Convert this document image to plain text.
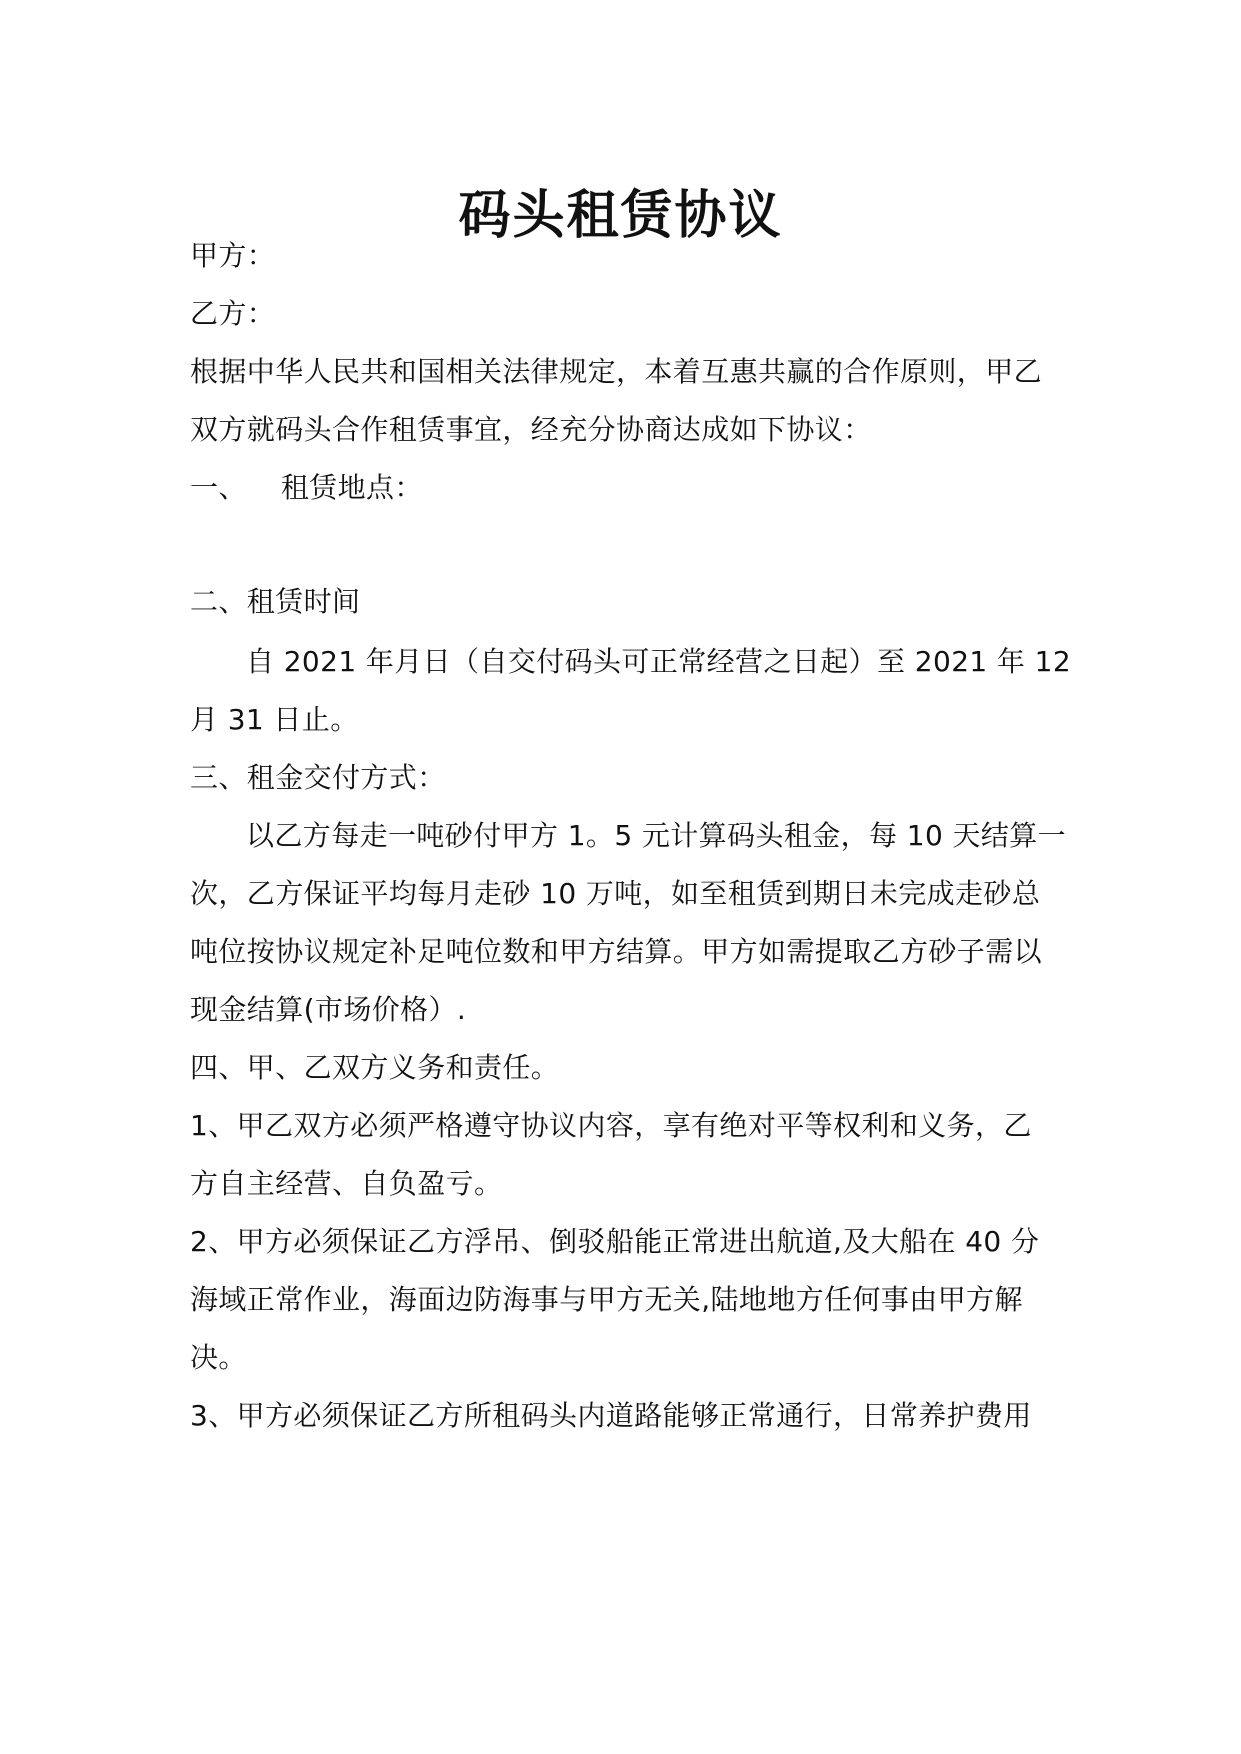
码头租赁协议

甲方：

乙方：

根据中华人民共和国相关法律规定，本着互惠共赢的合作原则，甲乙

双方就码头合作租赁事宜，经充分协商达成如下协议：

一、 租赁地点：

二、租赁时间

自 2021 年月日（自交付码头可正常经营之日起）至 2021 年 12

月 31 日止。

三、租金交付方式：

以乙方每走一吨砂付甲方 1。5 元计算码头租金，每 10 天结算一

次，乙方保证平均每月走砂 10 万吨，如至租赁到期日未完成走砂总

吨位按协议规定补足吨位数和甲方结算。甲方如需提取乙方砂子需以

现金结算(市场价格）.

四、甲、乙双方义务和责任。

1、甲乙双方必须严格遵守协议内容，享有绝对平等权利和义务，乙

方自主经营、自负盈亏。

2、甲方必须保证乙方浮吊、倒驳船能正常进出航道,及大船在 40 分

海域正常作业，海面边防海事与甲方无关,陆地地方任何事由甲方解

决。

3、甲方必须保证乙方所租码头内道路能够正常通行，日常养护费用
